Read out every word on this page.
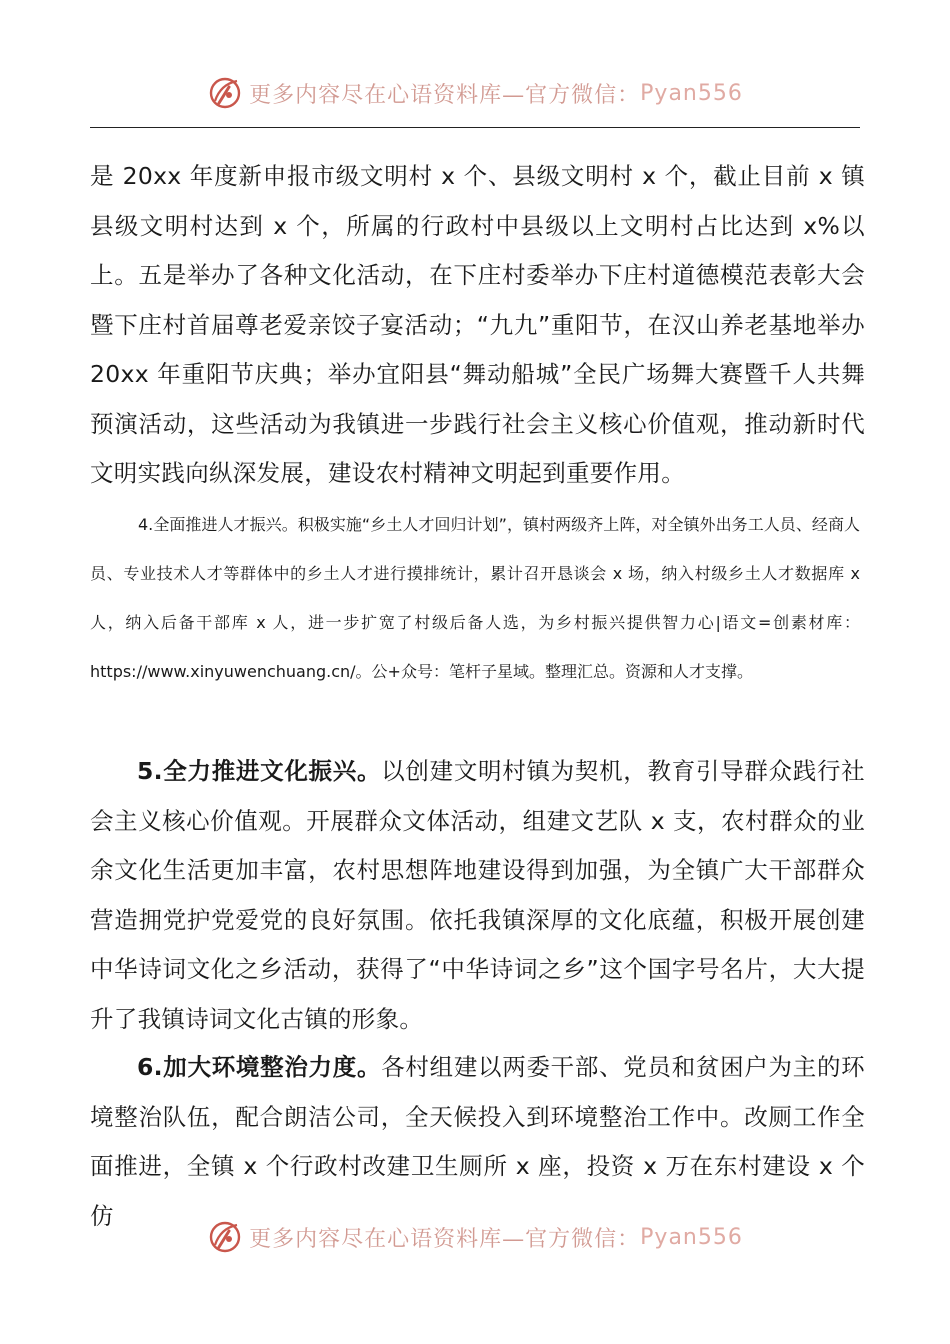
更多内容尽在心语资料库—官方微信： Pyan556
是 20xx 年度新申报市级文明村 x 个、县级文明村 x 个，截止目前 x 镇县级文明村达到 x 个，所属的行政村中县级以上文明村占比达到 x%以上。五是举办了各种文化活动，在下庄村委举办下庄村道德模范表彰大会暨下庄村首届尊老爱亲饺子宴活动；“九九”重阳节，在汉山养老基地举办 20xx 年重阳节庆典；举办宜阳县“舞动船城”全民广场舞大赛暨千人共舞预演活动，这些活动为我镇进一步践行社会主义核心价值观，推动新时代文明实践向纵深发展，建设农村精神文明起到重要作用。
4.全面推进人才振兴。积极实施“乡土人才回归计划”，镇村两级齐上阵，对全镇外出务工人员、经商人员、专业技术人才等群体中的乡土人才进行摸排统计，累计召开恳谈会 x 场，纳入村级乡土人才数据库 x 人，纳入后备干部库 x 人，进一步扩宽了村级后备人选，为乡村振兴提供智力心|语文=创素材库：https://www.xinyuwenchuang.cn/。公+众号：笔杆子星域。整理汇总。资源和人才支撑。
5.全力推进文化振兴。以创建文明村镇为契机，教育引导群众践行社会主义核心价值观。开展群众文体活动，组建文艺队 x 支，农村群众的业余文化生活更加丰富，农村思想阵地建设得到加强，为全镇广大干部群众营造拥党护党爱党的良好氛围。依托我镇深厚的文化底蕴，积极开展创建中华诗词文化之乡活动，获得了“中华诗词之乡”这个国字号名片，大大提升了我镇诗词文化古镇的形象。
6.加大环境整治力度。各村组建以两委干部、党员和贫困户为主的环境整治队伍，配合朗洁公司，全天候投入到环境整治工作中。改厕工作全面推进，全镇 x 个行政村改建卫生厕所 x 座，投资 x 万在东村建设 x 个仿
更多内容尽在心语资料库—官方微信： Pyan556
